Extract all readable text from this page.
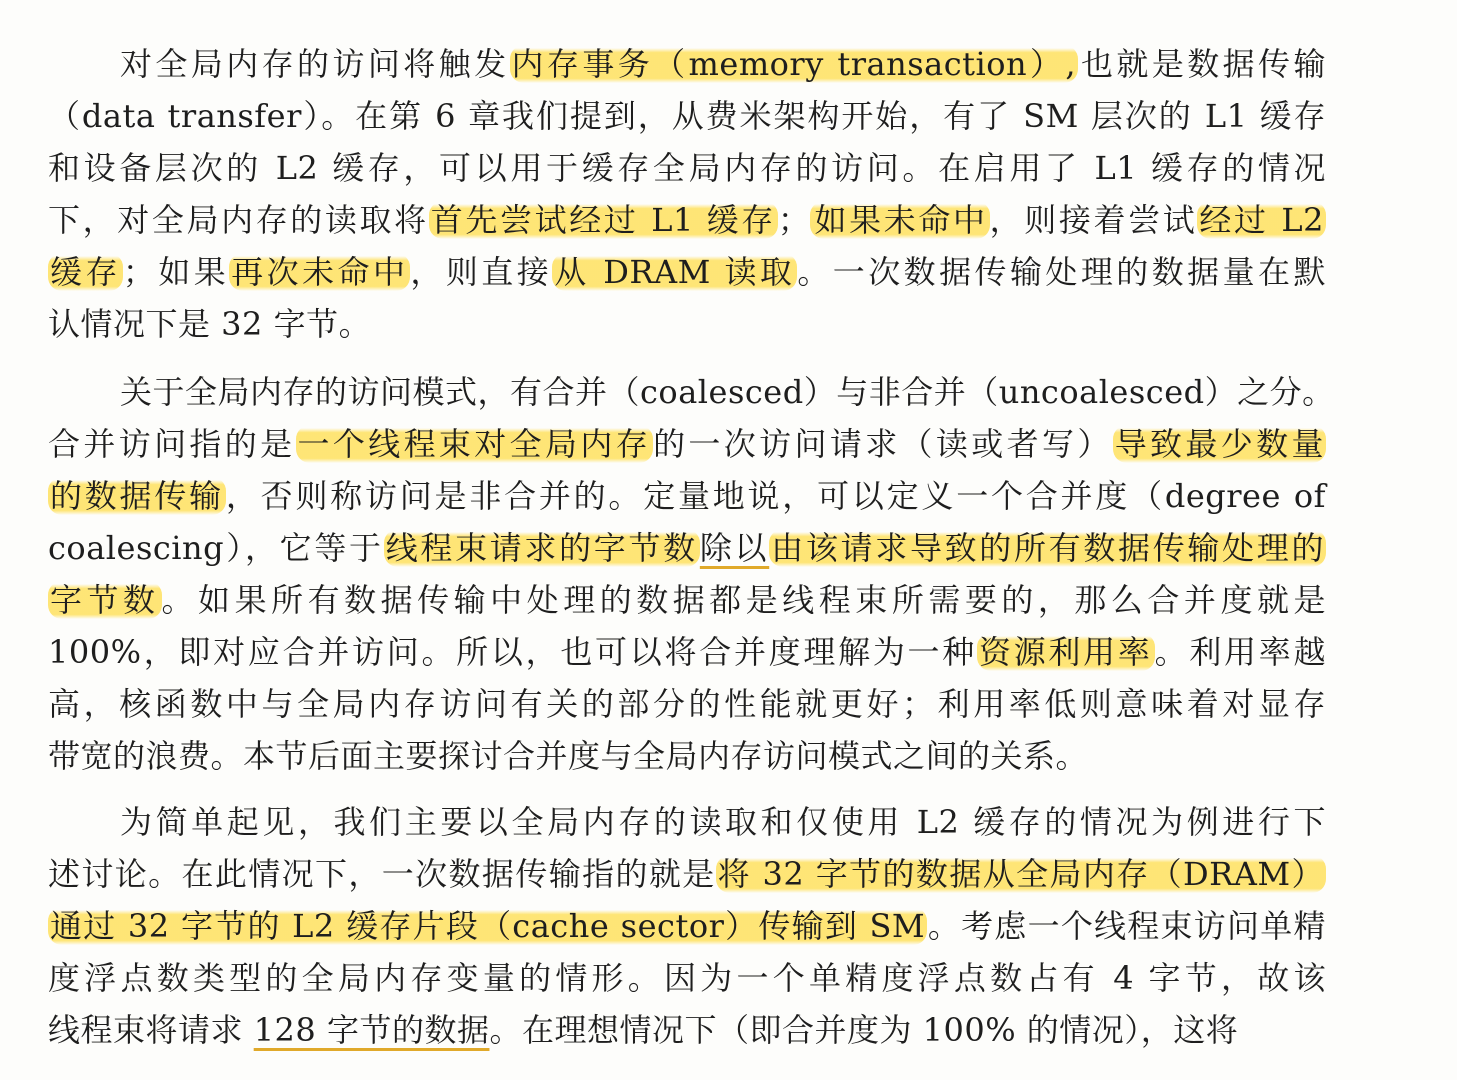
对全局内存的访问将触发内存事务（memory transaction）,也就是数据传输
（data transfer）。在第 6 章我们提到，从费米架构开始，有了 SM 层次的 L1 缓存
和设备层次的 L2 缓存，可以用于缓存全局内存的访问。在启用了 L1 缓存的情况
下，对全局内存的读取将首先尝试经过 L1 缓存；如果未命中，则接着尝试经过 L2
缓存；如果再次未命中，则直接从 DRAM 读取。一次数据传输处理的数据量在默
认情况下是 32 字节。
关于全局内存的访问模式，有合并（coalesced）与非合并（uncoalesced）之分。
合并访问指的是一个线程束对全局内存的一次访问请求（读或者写）导致最少数量
的数据传输，否则称访问是非合并的。定量地说，可以定义一个合并度（degree of
coalescing），它等于线程束请求的字节数除以由该请求导致的所有数据传输处理的
字节数。如果所有数据传输中处理的数据都是线程束所需要的，那么合并度就是
100%，即对应合并访问。所以，也可以将合并度理解为一种资源利用率。利用率越
高，核函数中与全局内存访问有关的部分的性能就更好；利用率低则意味着对显存
带宽的浪费。本节后面主要探讨合并度与全局内存访问模式之间的关系。
为简单起见，我们主要以全局内存的读取和仅使用 L2 缓存的情况为例进行下
述讨论。在此情况下，一次数据传输指的就是将 32 字节的数据从全局内存（DRAM）
通过 32 字节的 L2 缓存片段（cache sector）传输到 SM。考虑一个线程束访问单精
度浮点数类型的全局内存变量的情形。因为一个单精度浮点数占有 4 字节，故该
线程束将请求 128 字节的数据。在理想情况下（即合并度为 100% 的情况），这将
